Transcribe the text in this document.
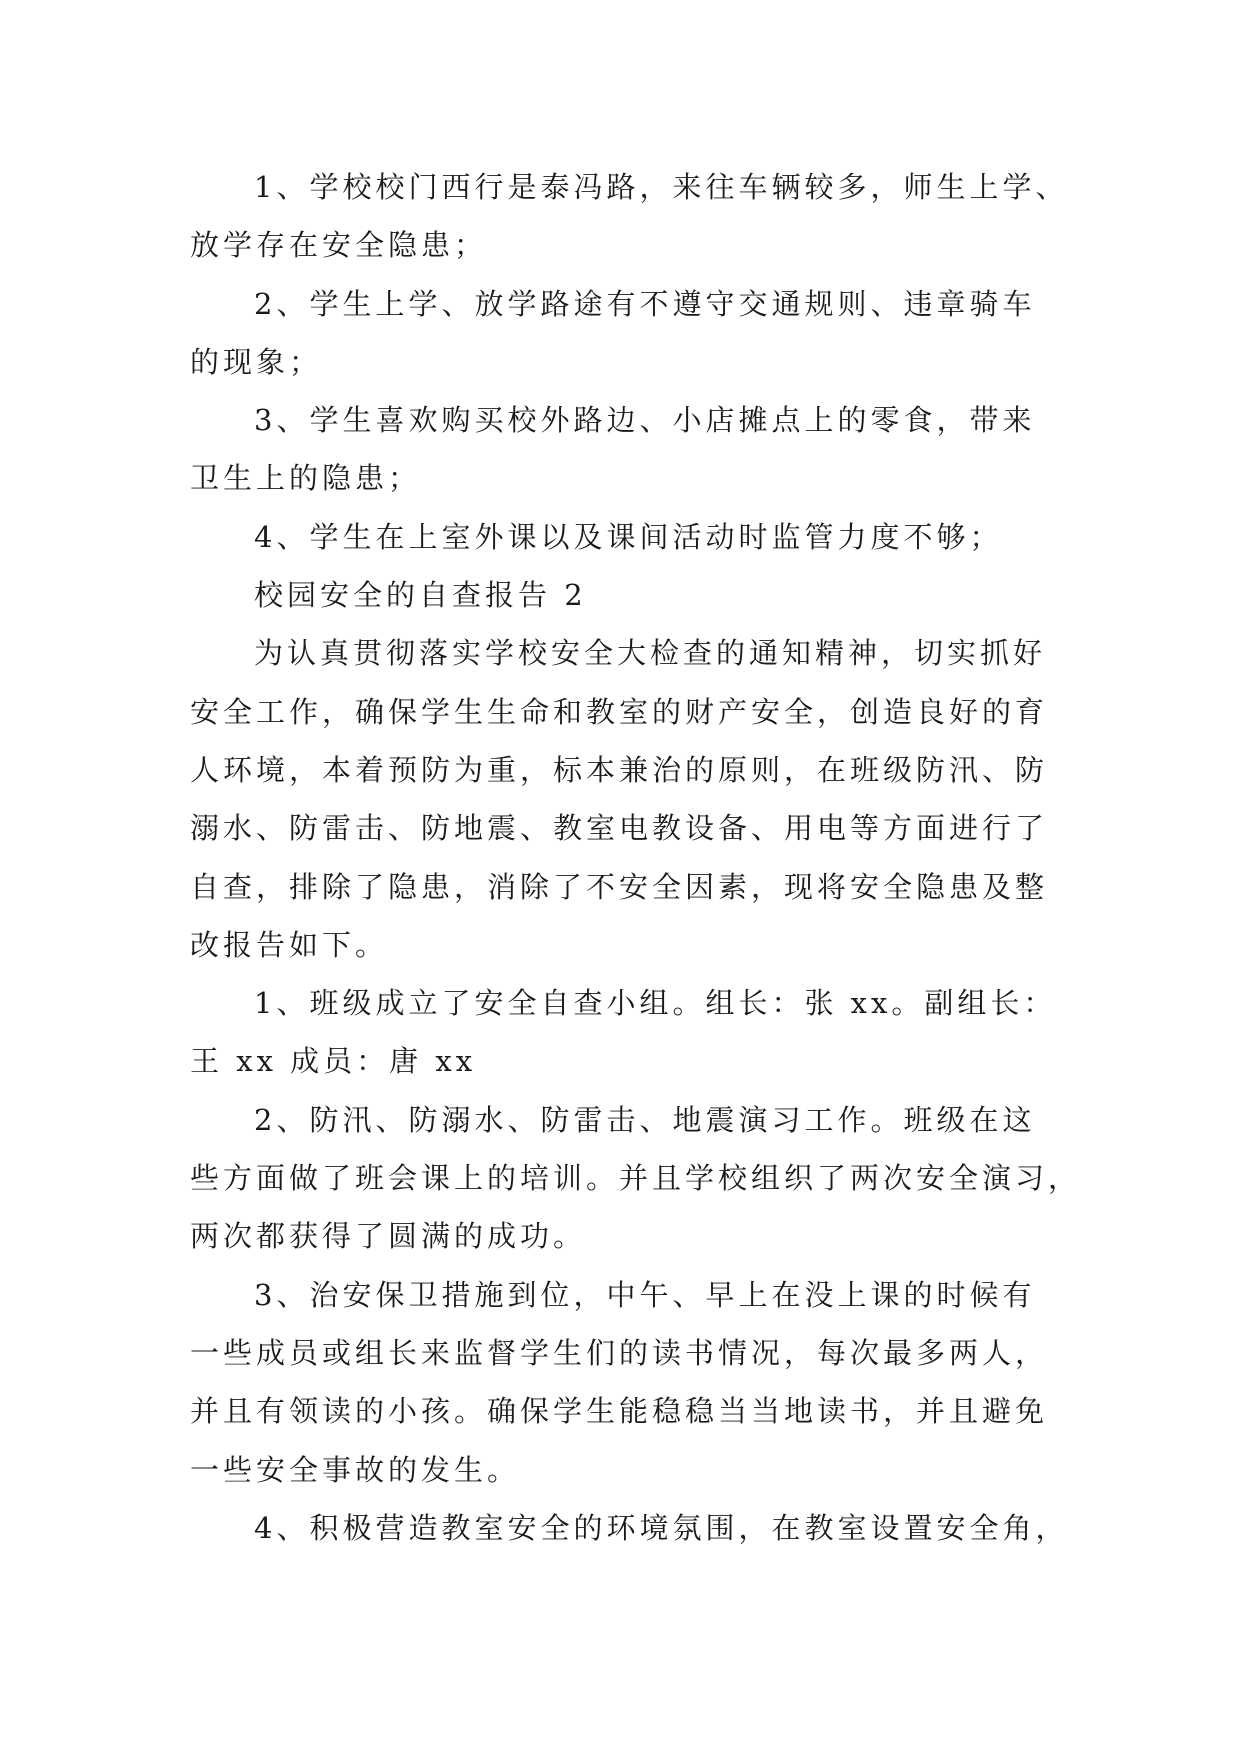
1、学校校门西行是泰冯路，来往车辆较多，师生上学、
放学存在安全隐患；
2、学生上学、放学路途有不遵守交通规则、违章骑车
的现象；
3、学生喜欢购买校外路边、小店摊点上的零食，带来
卫生上的隐患；
4、学生在上室外课以及课间活动时监管力度不够；
校园安全的自查报告 2
为认真贯彻落实学校安全大检查的通知精神，切实抓好
安全工作，确保学生生命和教室的财产安全，创造良好的育
人环境，本着预防为重，标本兼治的原则，在班级防汛、防
溺水、防雷击、防地震、教室电教设备、用电等方面进行了
自查，排除了隐患，消除了不安全因素，现将安全隐患及整
改报告如下。
1、班级成立了安全自查小组。组长：张 xx。副组长：
王 xx 成员：唐 xx
2、防汛、防溺水、防雷击、地震演习工作。班级在这
些方面做了班会课上的培训。并且学校组织了两次安全演习，
两次都获得了圆满的成功。
3、治安保卫措施到位，中午、早上在没上课的时候有
一些成员或组长来监督学生们的读书情况，每次最多两人，
并且有领读的小孩。确保学生能稳稳当当地读书，并且避免
一些安全事故的发生。
4、积极营造教室安全的环境氛围，在教室设置安全角，
